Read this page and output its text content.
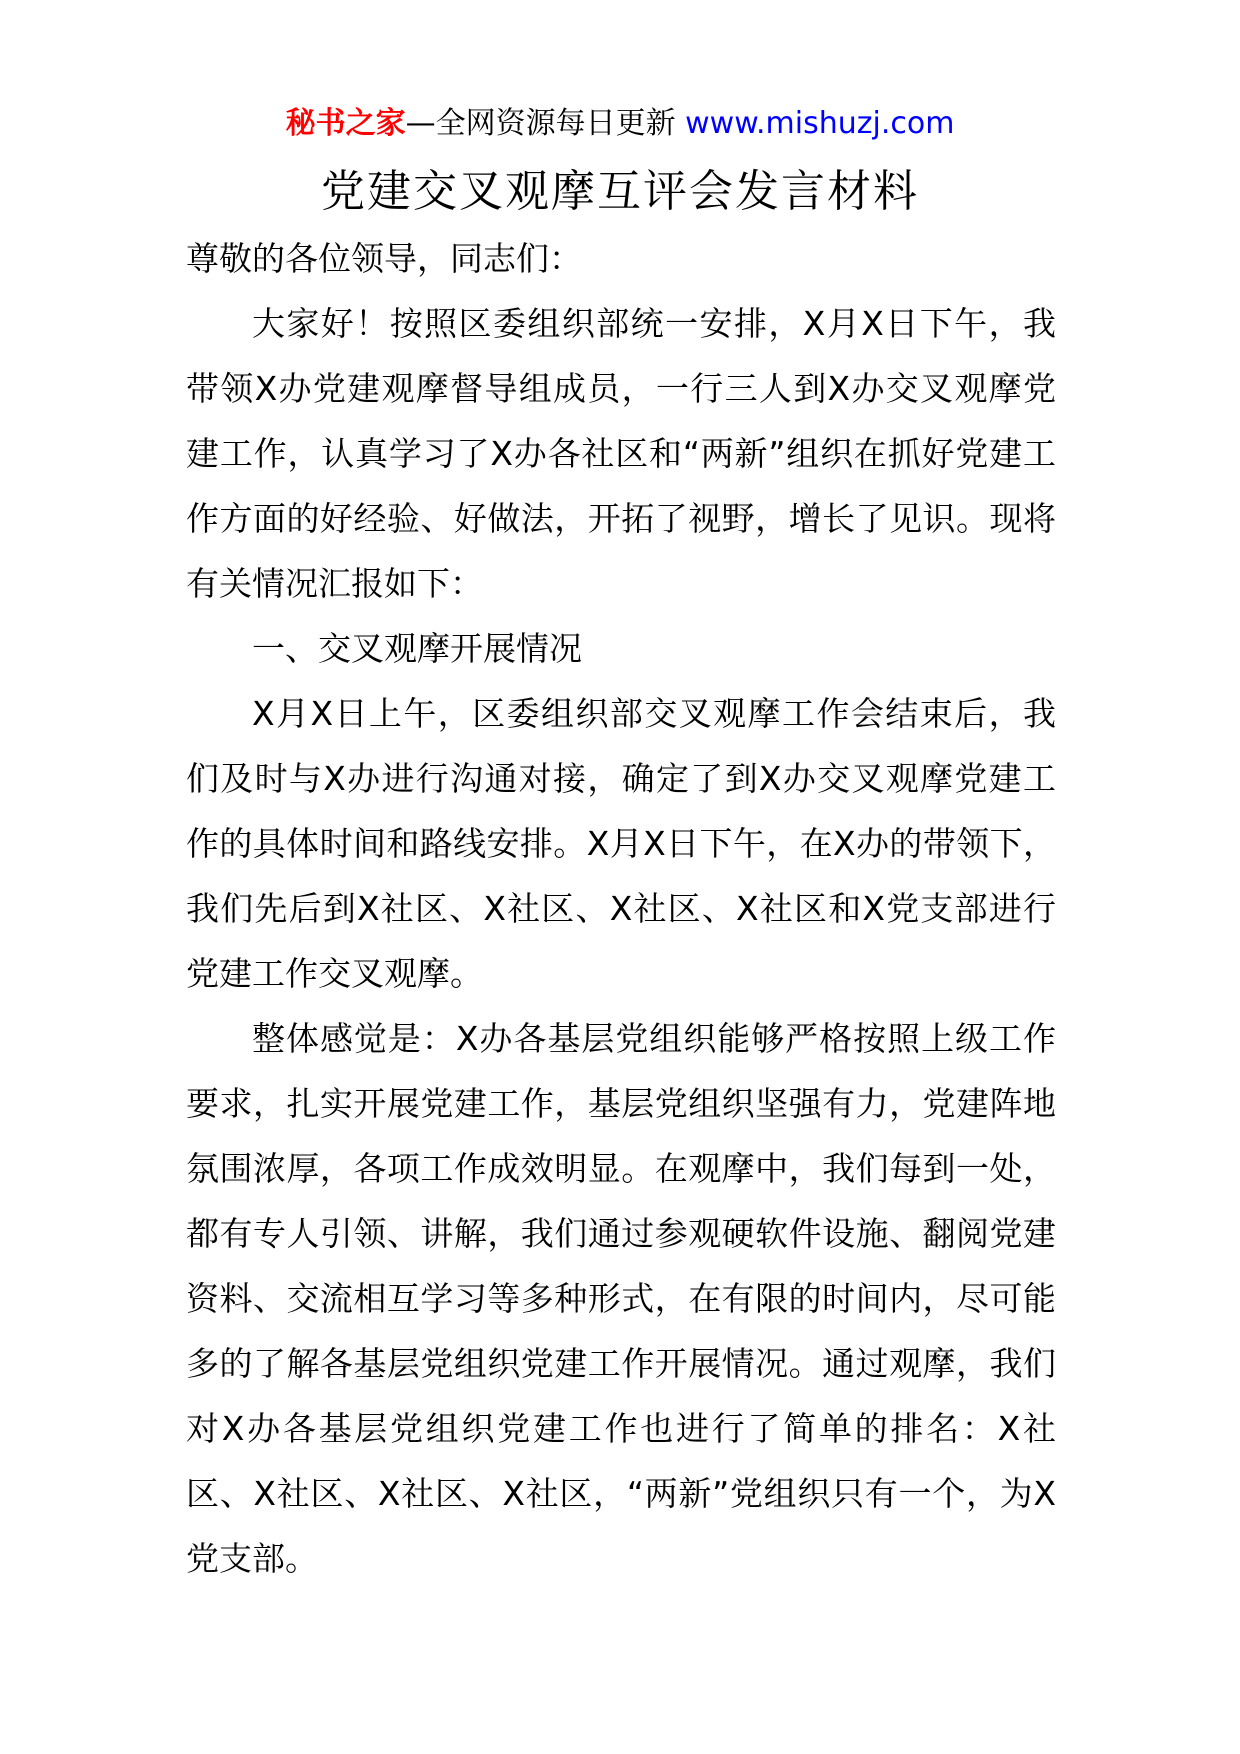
秘书之家—全网资源每日更新 www.mishuzj.com
党建交叉观摩互评会发言材料

尊敬的各位领导，同志们：

大家好！按照区委组织部统一安排，X月X日下午，我带领X办党建观摩督导组成员，一行三人到X办交叉观摩党建工作，认真学习了X办各社区和“两新”组织在抓好党建工作方面的好经验、好做法，开拓了视野，增长了见识。现将有关情况汇报如下：

一、交叉观摩开展情况

X月X日上午，区委组织部交叉观摩工作会结束后，我们及时与X办进行沟通对接，确定了到X办交叉观摩党建工作的具体时间和路线安排。X月X日下午，在X办的带领下，我们先后到X社区、X社区、X社区、X社区和X党支部进行党建工作交叉观摩。

整体感觉是：X办各基层党组织能够严格按照上级工作要求，扎实开展党建工作，基层党组织坚强有力，党建阵地氛围浓厚，各项工作成效明显。在观摩中，我们每到一处，都有专人引领、讲解，我们通过参观硬软件设施、翻阅党建资料、交流相互学习等多种形式，在有限的时间内，尽可能多的了解各基层党组织党建工作开展情况。通过观摩，我们对X办各基层党组织党建工作也进行了简单的排名：X社区、X社区、X社区、X社区，“两新”党组织只有一个，为X党支部。
